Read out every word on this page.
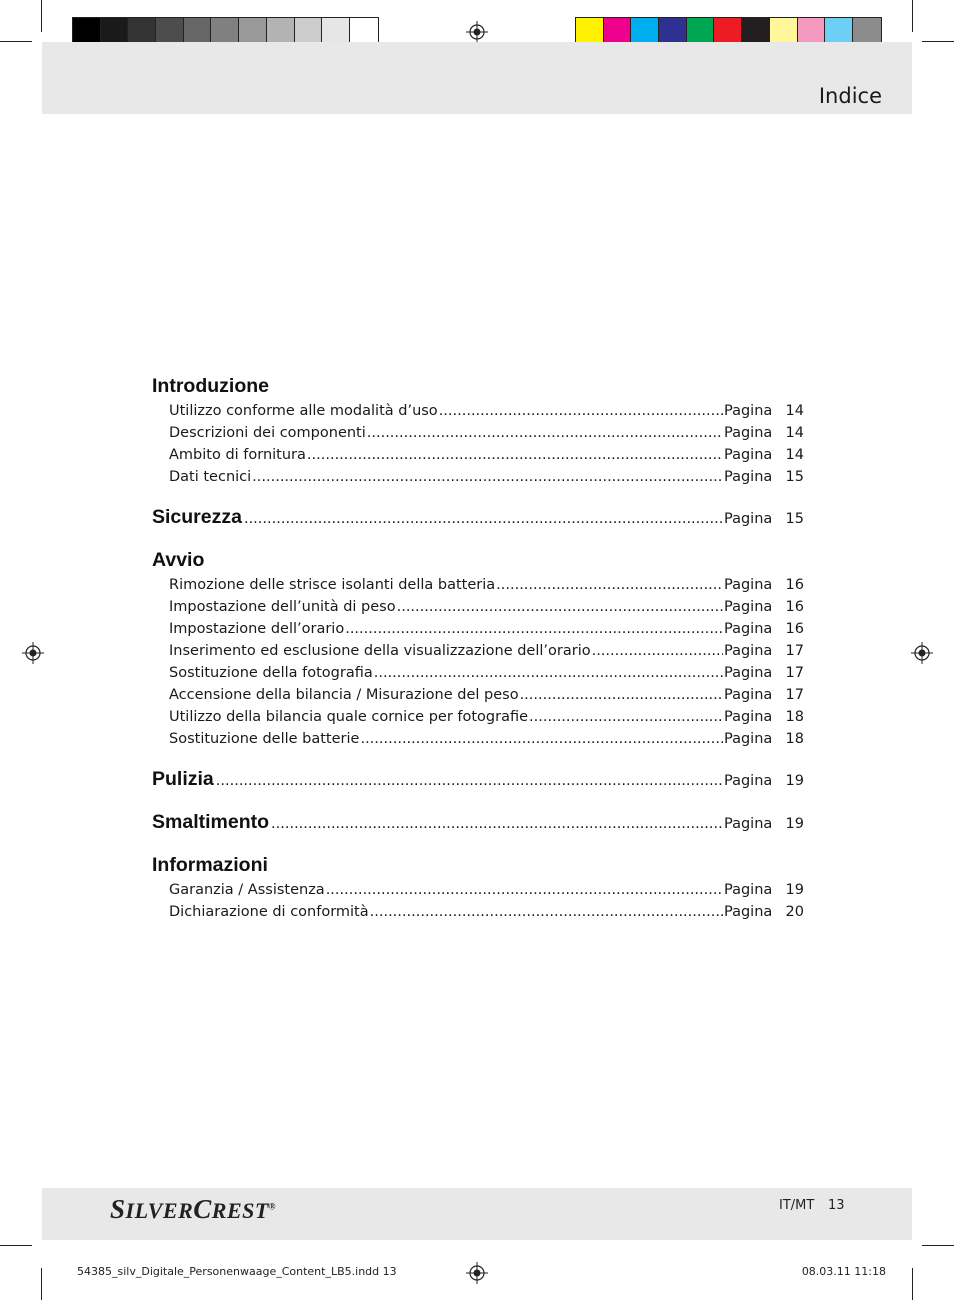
Indice
Introduzione
Utilizzo conforme alle modalità d’uso .....	Pagina 14
Descrizioni dei componenti .....	Pagina 14
Ambito di fornitura .....	Pagina 14
Dati tecnici .....	Pagina 15
Sicurezza .....	Pagina 15
Avvio
Rimozione delle strisce isolanti della batteria .....	Pagina 16
Impostazione dell’unità di peso .....	Pagina 16
Impostazione dell’orario .....	Pagina 16
Inserimento ed esclusione della visualizzazione dell’orario .....	Pagina 17
Sostituzione della fotografia .....	Pagina 17
Accensione della bilancia / Misurazione del peso .....	Pagina 17
Utilizzo della bilancia quale cornice per fotografie .....	Pagina 18
Sostituzione delle batterie .....	Pagina 18
Pulizia .....	Pagina 19
Smaltimento .....	Pagina 19
Informazioni
Garanzia / Assistenza .....	Pagina 19
Dichiarazione di conformità .....	Pagina 20
SILVERCREST®	IT/MT 13
54385_silv_Digitale_Personenwaage_Content_LB5.indd 13	08.03.11 11:18
